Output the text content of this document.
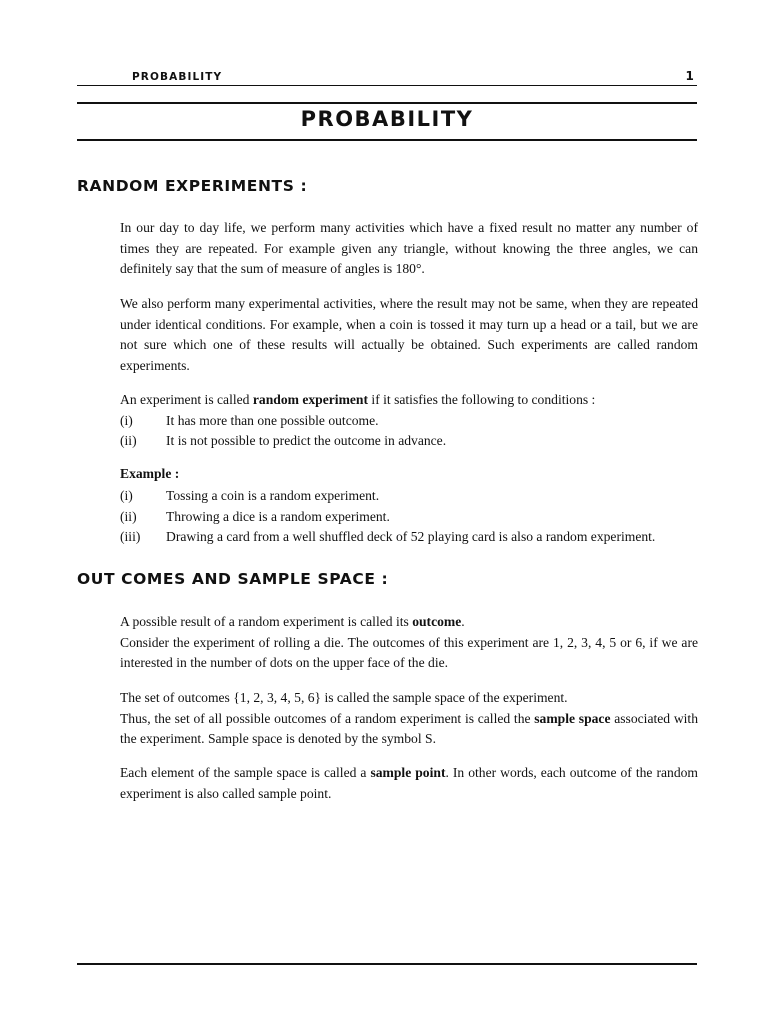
PROBABILITY	1
PROBABILITY
RANDOM EXPERIMENTS :
In our day to day life, we perform many activities which have a fixed result no matter any number of times they are repeated. For example given any triangle, without knowing the three angles, we can definitely say that the sum of measure of angles is 180°.
We also perform many experimental activities, where the result may not be same, when they are repeated under identical conditions. For example, when a coin is tossed it may turn up a head or a tail, but we are not sure which one of these results will actually be obtained. Such experiments are called random experiments.
An experiment is called random experiment if it satisfies the following to conditions :
(i) It has more than one possible outcome.
(ii) It is not possible to predict the outcome in advance.
Example :
(i) Tossing a coin is a random experiment.
(ii) Throwing a dice is a random experiment.
(iii) Drawing a card from a well shuffled deck of 52 playing card is also a random experiment.
OUT COMES AND SAMPLE SPACE :
A possible result of a random experiment is called its outcome.
Consider the experiment of rolling a die. The outcomes of this experiment are 1, 2, 3, 4, 5 or 6, if we are interested in the number of dots on the upper face of the die.
The set of outcomes {1, 2, 3, 4, 5, 6} is called the sample space of the experiment.
Thus, the set of all possible outcomes of a random experiment is called the sample space associated with the experiment. Sample space is denoted by the symbol S.
Each element of the sample space is called a sample point. In other words, each outcome of the random experiment is also called sample point.
